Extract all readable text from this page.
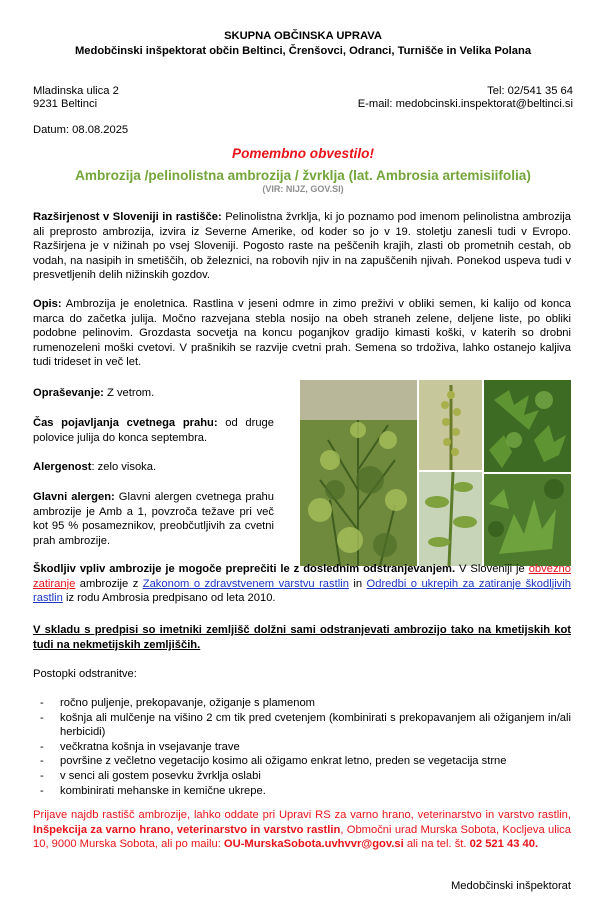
SKUPNA OBČINSKA UPRAVA
Medobčinski inšpektorat občin Beltinci, Črenšovci, Odranci, Turnišče in Velika Polana
Mladinska ulica 2
9231 Beltinci
Tel: 02/541 35 64
E-mail: medobcinski.inspektorat@beltinci.si
Datum: 08.08.2025
Pomembno obvestilo!
Ambrozija /pelinolistna ambrozija / žvrklja (lat. Ambrosia artemisiifolia)
(VIR: NIJZ, GOV.SI)
Razširjenost v Sloveniji in rastišče: Pelinolistna žvrklja, ki jo poznamo pod imenom pelinolistna ambrozija ali preprosto ambrozija, izvira iz Severne Amerike, od koder so jo v 19. stoletju zanesli tudi v Evropo. Razširjena je v nižinah po vsej Sloveniji. Pogosto raste na peščenih krajih, zlasti ob prometnih cestah, ob vodah, na nasipih in smetiščih, ob železnici, na robovih njiv in na zapuščenih njivah. Ponekod uspeva tudi v presvetljenih delih nižinskih gozdov.
Opis: Ambrozija je enoletnica. Rastlina v jeseni odmre in zimo preživi v obliki semen, ki kalijo od konca marca do začetka julija. Močno razvejana stebla nosijo na obeh straneh zelene, deljene liste, po obliki podobne pelinovim. Grozdasta socvetja na koncu poganjkov gradijo kimasti koški, v katerih so drobni rumenozeleni moški cvetovi. V prašnikih se razvije cvetni prah. Semena so trdoživa, lahko ostanejo kaljiva tudi trideset in več let.
Opraševanje: Z vetrom.
Čas pojavljanja cvetnega prahu: od druge polovice julija do konca septembra.
Alergenost: zelo visoka.
Glavni alergen: Glavni alergen cvetnega prahu ambrozije je Amb a 1, povzroča težave pri več kot 95 % posameznikov, preobčutljivih za cvetni prah ambrozije.
Škodljiv vpliv ambrozije je mogoče preprečiti le z doslednim odstranjevanjem. V Sloveniji je obvezno zatiranje ambrozije z Zakonom o zdravstvenem varstvu rastlin in Odredbi o ukrepih za zatiranje škodljivih rastlin iz rodu Ambrosia predpisano od leta 2010.
V skladu s predpisi so imetniki zemljišč dolžni sami odstranjevati ambrozijo tako na kmetijskih kot tudi na nekmetijskih zemljiščih.
Postopki odstranitve:
- ročno puljenje, prekopavanje, ožiganje s plamenom
- košnja ali mulčenje na višino 2 cm tik pred cvetenjem (kombinirati s prekopavanjem ali ožiganjem in/ali herbicidi)
- večkratna košnja in vsejavanje trave
- površine z večletno vegetacijo kosimo ali ožigamo enkrat letno, preden se vegetacija strne
- v senci ali gostem posevku žvrklja oslabi
- kombinirati mehanske in kemične ukrepe.
Prijave najdb rastišč ambrozije, lahko oddate pri Upravi RS za varno hrano, veterinarstvo in varstvo rastlin, Inšpekcija za varno hrano, veterinarstvo in varstvo rastlin, Območni urad Murska Sobota, Kocljeva ulica 10, 9000 Murska Sobota, ali po mailu: OU-MurskaSobota.uvhvvr@gov.si ali na tel. št. 02 521 43 40.
Medobčinski inšpektorat
